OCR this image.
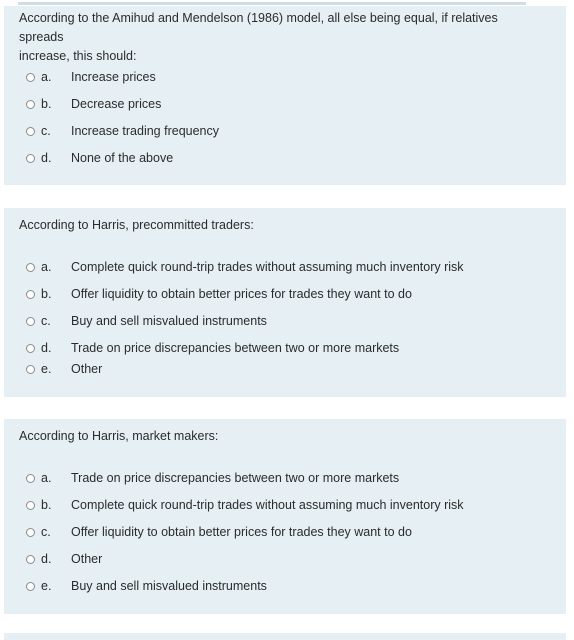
According to the Amihud and Mendelson (1986) model, all else being equal, if relatives spreads
increase, this should:

a.	Increase prices
b.	Decrease prices
c.	Increase trading frequency
d.	None of the above

According to Harris, precommitted traders:

a.	Complete quick round-trip trades without assuming much inventory risk
b.	Offer liquidity to obtain better prices for trades they want to do
c.	Buy and sell misvalued instruments
d.	Trade on price discrepancies between two or more markets
e.	Other

According to Harris, market makers:

a.	Trade on price discrepancies between two or more markets
b.	Complete quick round-trip trades without assuming much inventory risk
c.	Offer liquidity to obtain better prices for trades they want to do
d.	Other
e.	Buy and sell misvalued instruments
